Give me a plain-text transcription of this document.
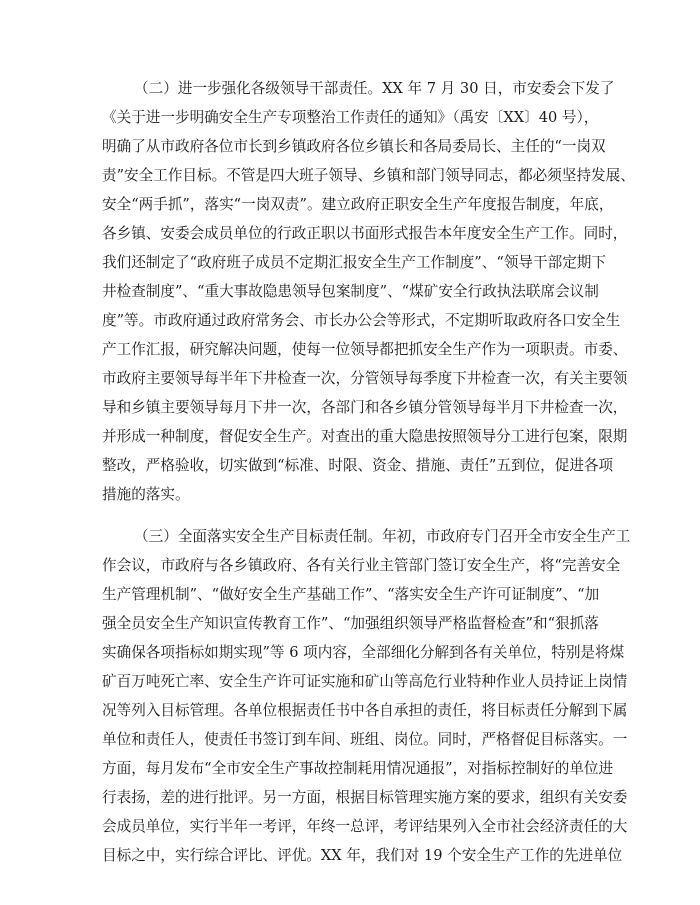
（二）进一步强化各级领导干部责任。XX 年 7 月 30 日，市安委会下发了
《关于进一步明确安全生产专项整治工作责任的通知》（禹安〔XX〕40 号），
明确了从市政府各位市长到乡镇政府各位乡镇长和各局委局长、主任的“一岗双
责”安全工作目标。不管是四大班子领导、乡镇和部门领导同志，都必须坚持发展、
安全“两手抓”，落实“一岗双责”。建立政府正职安全生产年度报告制度，年底，
各乡镇、安委会成员单位的行政正职以书面形式报告本年度安全生产工作。同时，
我们还制定了“政府班子成员不定期汇报安全生产工作制度”、“领导干部定期下
井检查制度”、“重大事故隐患领导包案制度”、“煤矿安全行政执法联席会议制
度”等。市政府通过政府常务会、市长办公会等形式，不定期听取政府各口安全生
产工作汇报，研究解决问题，使每一位领导都把抓安全生产作为一项职责。市委、
市政府主要领导每半年下井检查一次，分管领导每季度下井检查一次，有关主要领
导和乡镇主要领导每月下井一次，各部门和各乡镇分管领导每半月下井检查一次，
并形成一种制度，督促安全生产。对查出的重大隐患按照领导分工进行包案，限期
整改，严格验收，切实做到“标准、时限、资金、措施、责任”五到位，促进各项
措施的落实。
（三）全面落实安全生产目标责任制。年初，市政府专门召开全市安全生产工
作会议，市政府与各乡镇政府、各有关行业主管部门签订安全生产，将“完善安全
生产管理机制”、“做好安全生产基础工作”、“落实安全生产许可证制度”、“加
强全员安全生产知识宣传教育工作”、“加强组织领导严格监督检查”和“狠抓落
实确保各项指标如期实现”等 6 项内容，全部细化分解到各有关单位，特别是将煤
矿百万吨死亡率、安全生产许可证实施和矿山等高危行业特种作业人员持证上岗情
况等列入目标管理。各单位根据责任书中各自承担的责任，将目标责任分解到下属
单位和责任人，使责任书签订到车间、班组、岗位。同时，严格督促目标落实。一
方面，每月发布“全市安全生产事故控制耗用情况通报”，对指标控制好的单位进
行表扬，差的进行批评。另一方面，根据目标管理实施方案的要求，组织有关安委
会成员单位，实行半年一考评，年终一总评，考评结果列入全市社会经济责任的大
目标之中，实行综合评比、评优。XX 年，我们对 19 个安全生产工作的先进单位
